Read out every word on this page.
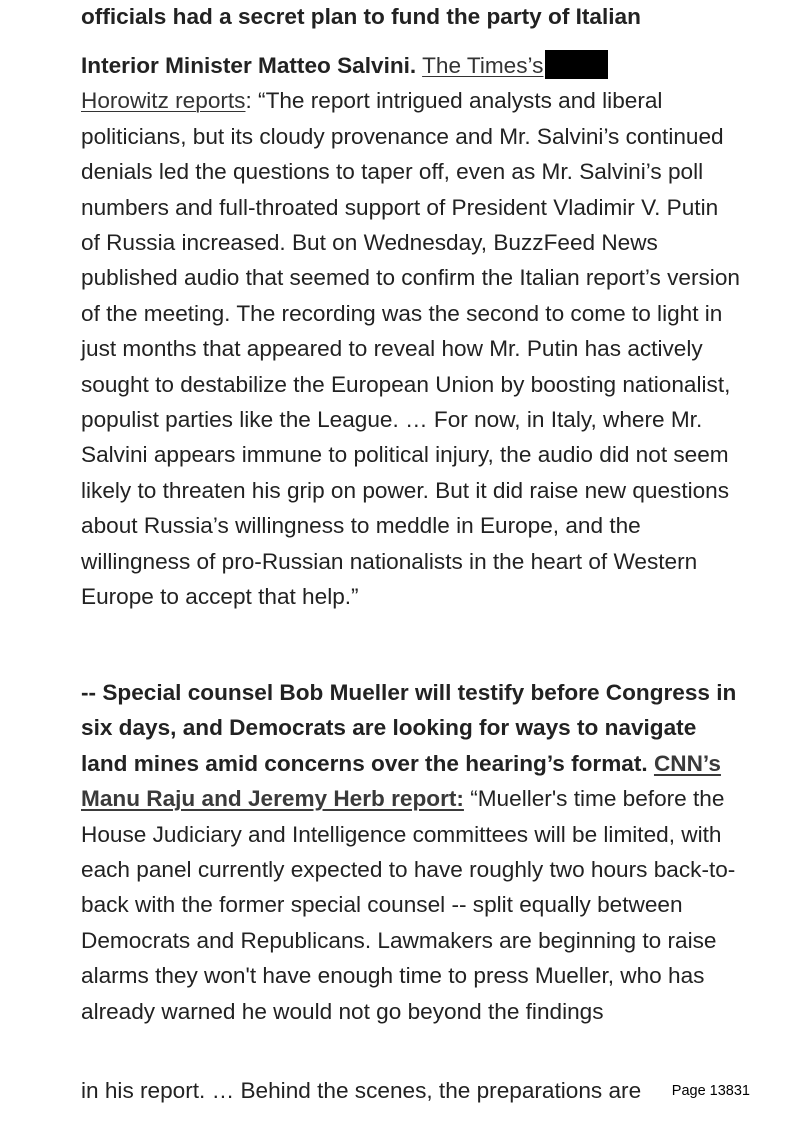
officials had a secret plan to fund the party of Italian

Interior Minister Matteo Salvini. The Times’s
Horowitz reports: “The report intrigued analysts and liberal politicians, but its cloudy provenance and Mr. Salvini’s continued denials led the questions to taper off, even as Mr. Salvini’s poll numbers and full-throated support of President Vladimir V. Putin of Russia increased. But on Wednesday, BuzzFeed News published audio that seemed to confirm the Italian report’s version of the meeting. The recording was the second to come to light in just months that appeared to reveal how Mr. Putin has actively sought to destabilize the European Union by boosting nationalist, populist parties like the League. … For now, in Italy, where Mr. Salvini appears immune to political injury, the audio did not seem likely to threaten his grip on power. But it did raise new questions about Russia’s willingness to meddle in Europe, and the willingness of pro-Russian nationalists in the heart of Western Europe to accept that help.”

-- Special counsel Bob Mueller will testify before Congress in six days, and Democrats are looking for ways to navigate land mines amid concerns over the hearing’s format. CNN’s Manu Raju and Jeremy Herb report: “Mueller's time before the House Judiciary and Intelligence committees will be limited, with each panel currently expected to have roughly two hours back-to-back with the former special counsel -- split equally between Democrats and Republicans. Lawmakers are beginning to raise alarms they won't have enough time to press Mueller, who has already warned he would not go beyond the findings

in his report. … Behind the scenes, the preparations are	Page 13831
